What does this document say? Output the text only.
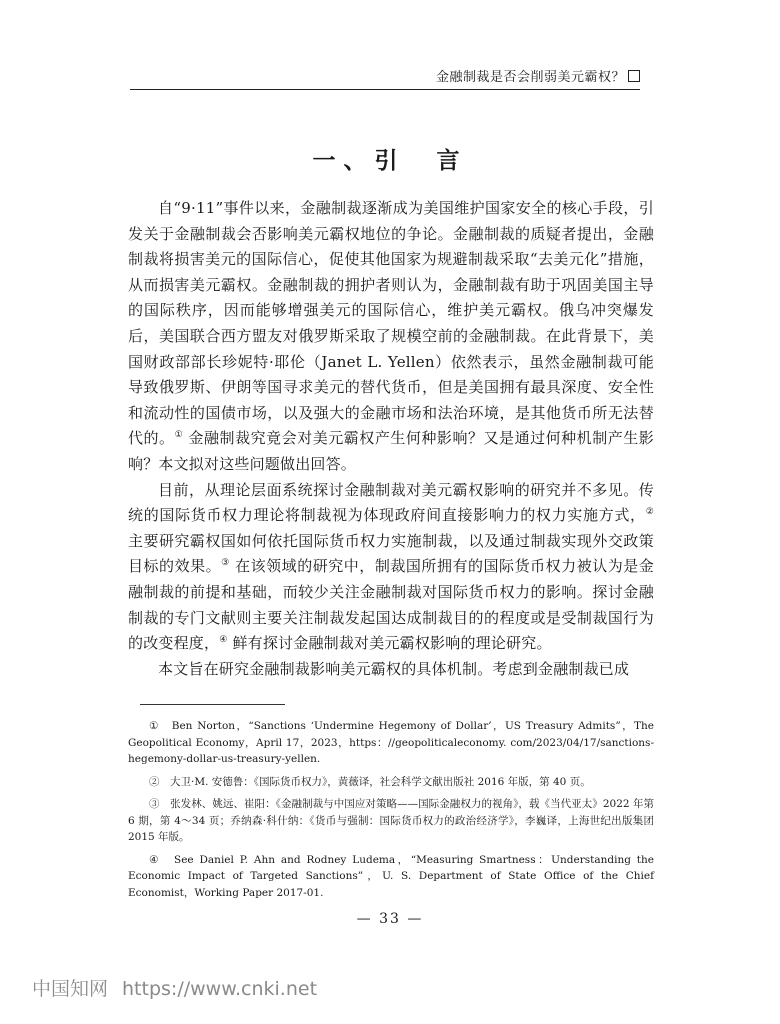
金融制裁是否会削弱美元霸权？
一、引　言

自“9·11”事件以来，金融制裁逐渐成为美国维护国家安全的核心手段，引发关于金融制裁会否影响美元霸权地位的争论。金融制裁的质疑者提出，金融制裁将损害美元的国际信心，促使其他国家为规避制裁采取“去美元化”措施，从而损害美元霸权。金融制裁的拥护者则认为，金融制裁有助于巩固美国主导的国际秩序，因而能够增强美元的国际信心，维护美元霸权。俄乌冲突爆发后，美国联合西方盟友对俄罗斯采取了规模空前的金融制裁。在此背景下，美国财政部部长珍妮特·耶伦（Janet L. Yellen）依然表示，虽然金融制裁可能导致俄罗斯、伊朗等国寻求美元的替代货币，但是美国拥有最具深度、安全性和流动性的国债市场，以及强大的金融市场和法治环境，是其他货币所无法替代的。① 金融制裁究竟会对美元霸权产生何种影响？又是通过何种机制产生影响？本文拟对这些问题做出回答。

目前，从理论层面系统探讨金融制裁对美元霸权影响的研究并不多见。传统的国际货币权力理论将制裁视为体现政府间直接影响力的权力实施方式，② 主要研究霸权国如何依托国际货币权力实施制裁，以及通过制裁实现外交政策目标的效果。③ 在该领域的研究中，制裁国所拥有的国际货币权力被认为是金融制裁的前提和基础，而较少关注金融制裁对国际货币权力的影响。探讨金融制裁的专门文献则主要关注制裁发起国达成制裁目的的程度或是受制裁国行为的改变程度，④ 鲜有探讨金融制裁对美元霸权影响的理论研究。

本文旨在研究金融制裁影响美元霸权的具体机制。考虑到金融制裁已成

①　 Ben Norton，“Sanctions ‘Undermine Hegemony of Dollar’，US Treasury Admits”，The Geopolitical Economy，April 17，2023，https：//geopoliticaleconomy. com/2023/04/17/sanctions-hegemony-dollar-us-treasury-yellen.

②　 大卫·M. 安德鲁：《国际货币权力》，黄薇译，社会科学文献出版社 2016 年版，第 40 页。

③　 张发林、姚远、崔阳：《金融制裁与中国应对策略——国际金融权力的视角》，载《当代亚太》2022 年第 6 期，第 4～34 页；乔纳森·科什纳：《货币与强制：国际货币权力的政治经济学》，李巍译，上海世纪出版集团 2015 年版。

④　 See Daniel P. Ahn and Rodney Ludema，“Measuring Smartness：Understanding the Economic Impact of Targeted Sanctions”，U. S. Department of State Office of the Chief Economist，Working Paper 2017-01.

— 33 —
中国知网 https://www.cnki.net
